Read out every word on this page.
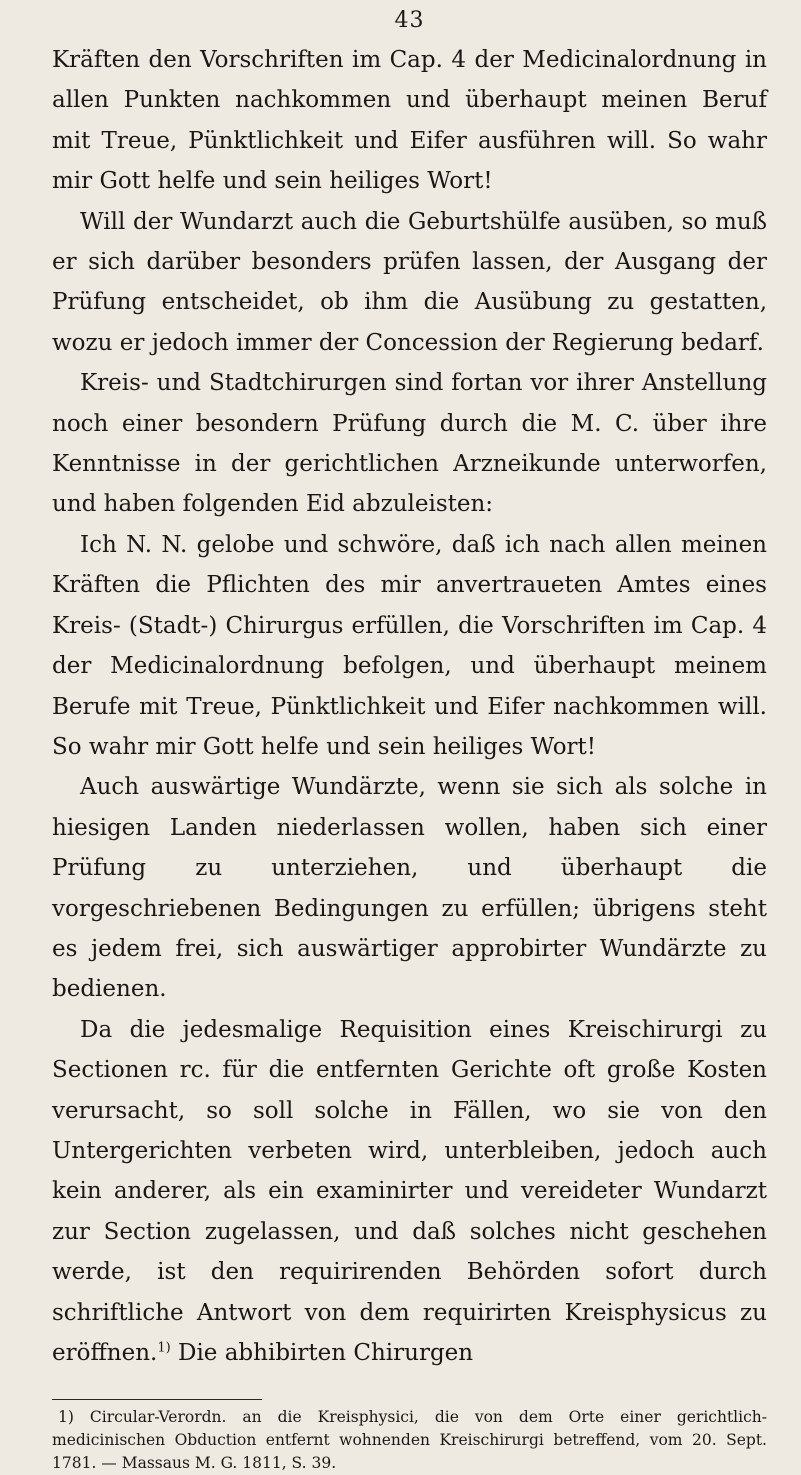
43

Kräften den Vorschriften im Cap. 4 der Medicinalordnung in allen Punkten nachkommen und überhaupt meinen Beruf mit Treue, Pünktlichkeit und Eifer ausführen will. So wahr mir Gott helfe und sein heiliges Wort!

Will der Wundarzt auch die Geburtshülfe ausüben, so muß er sich darüber besonders prüfen lassen, der Ausgang der Prüfung entscheidet, ob ihm die Ausübung zu gestatten, wozu er jedoch immer der Concession der Regierung bedarf.

Kreis- und Stadtchirurgen sind fortan vor ihrer Anstellung noch einer besondern Prüfung durch die M. C. über ihre Kenntnisse in der gerichtlichen Arzneikunde unterworfen, und haben folgenden Eid abzuleisten:

Ich N. N. gelobe und schwöre, daß ich nach allen meinen Kräften die Pflichten des mir anvertraueten Amtes eines Kreis- (Stadt-) Chirurgus erfüllen, die Vorschriften im Cap. 4 der Medicinalordnung befolgen, und überhaupt meinem Berufe mit Treue, Pünktlichkeit und Eifer nachkommen will. So wahr mir Gott helfe und sein heiliges Wort!

Auch auswärtige Wundärzte, wenn sie sich als solche in hiesigen Landen niederlassen wollen, haben sich einer Prüfung zu unterziehen, und überhaupt die vorgeschriebenen Bedingungen zu erfüllen; übrigens steht es jedem frei, sich auswärtiger approbirter Wundärzte zu bedienen.

Da die jedesmalige Requisition eines Kreischirurgi zu Sectionen rc. für die entfernten Gerichte oft große Kosten verursacht, so soll solche in Fällen, wo sie von den Untergerichten verbeten wird, unterbleiben, jedoch auch kein anderer, als ein examinirter und vereideter Wundarzt zur Section zugelassen, und daß solches nicht geschehen werde, ist den requirirenden Behörden sofort durch schriftliche Antwort von dem requirirten Kreisphysicus zu eröffnen.$^{1)}$ Die abhibirten Chirurgen

1) Circular-Verordn. an die Kreisphysici, die von dem Orte einer gerichtlich-medicinischen Obduction entfernt wohnenden Kreischirurgi betreffend, vom 20. Sept. 1781. — Massaus M. G. 1811, S. 39.
